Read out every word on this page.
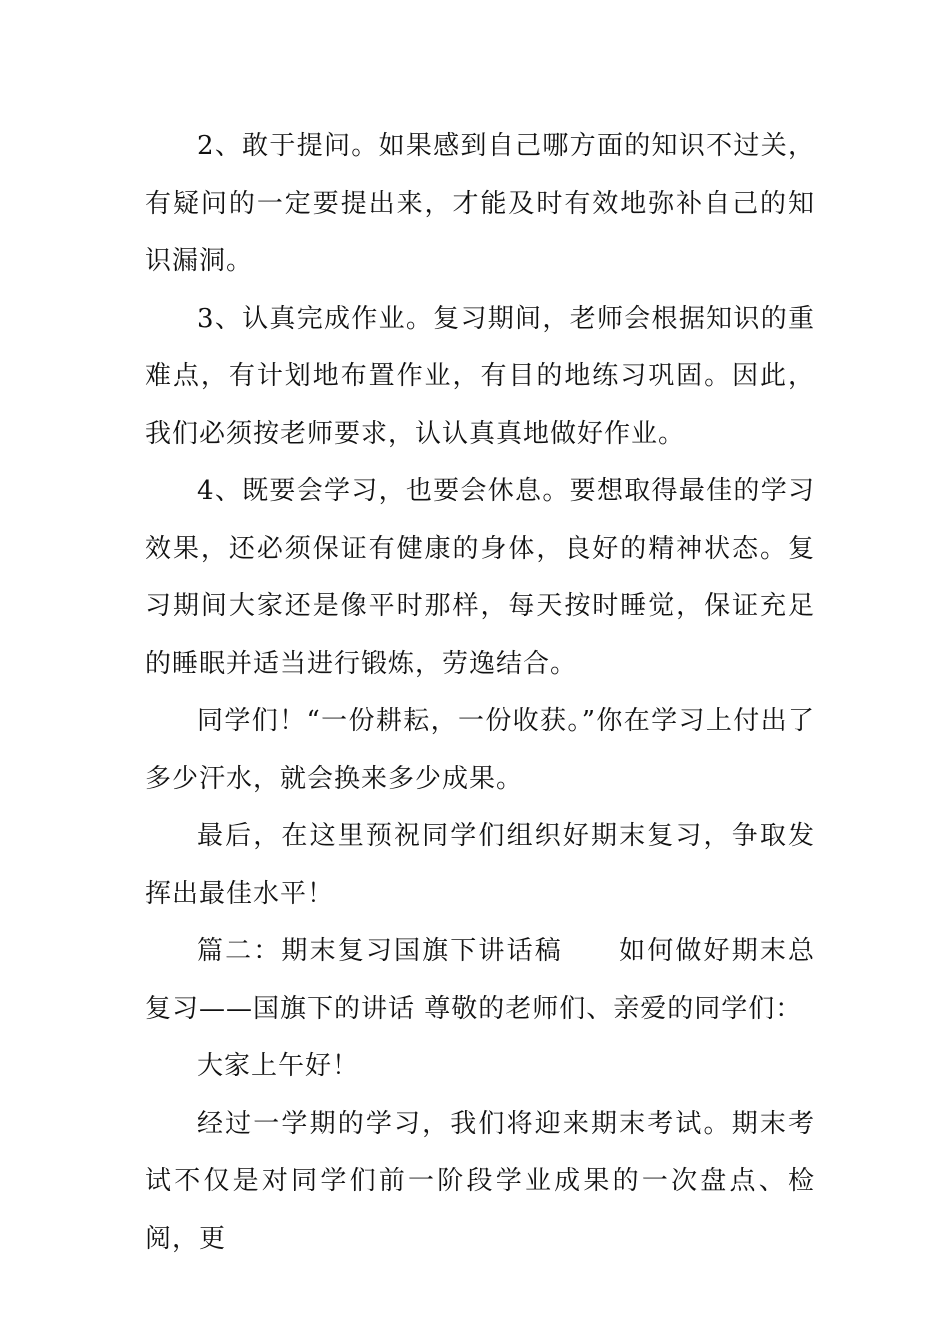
2、敢于提问。如果感到自己哪方面的知识不过关，有疑问的一定要提出来，才能及时有效地弥补自己的知识漏洞。

3、认真完成作业。复习期间，老师会根据知识的重难点，有计划地布置作业，有目的地练习巩固。因此，我们必须按老师要求，认认真真地做好作业。

4、既要会学习，也要会休息。要想取得最佳的学习效果，还必须保证有健康的身体，良好的精神状态。复习期间大家还是像平时那样，每天按时睡觉，保证充足的睡眠并适当进行锻炼，劳逸结合。

同学们！“一份耕耘，一份收获。”你在学习上付出了多少汗水，就会换来多少成果。

最后，在这里预祝同学们组织好期末复习，争取发挥出最佳水平！

篇二：期末复习国旗下讲话稿　　如何做好期末总复习——国旗下的讲话 尊敬的老师们、亲爱的同学们：

大家上午好！

经过一学期的学习，我们将迎来期末考试。期末考试不仅是对同学们前一阶段学业成果的一次盘点、检阅，更
